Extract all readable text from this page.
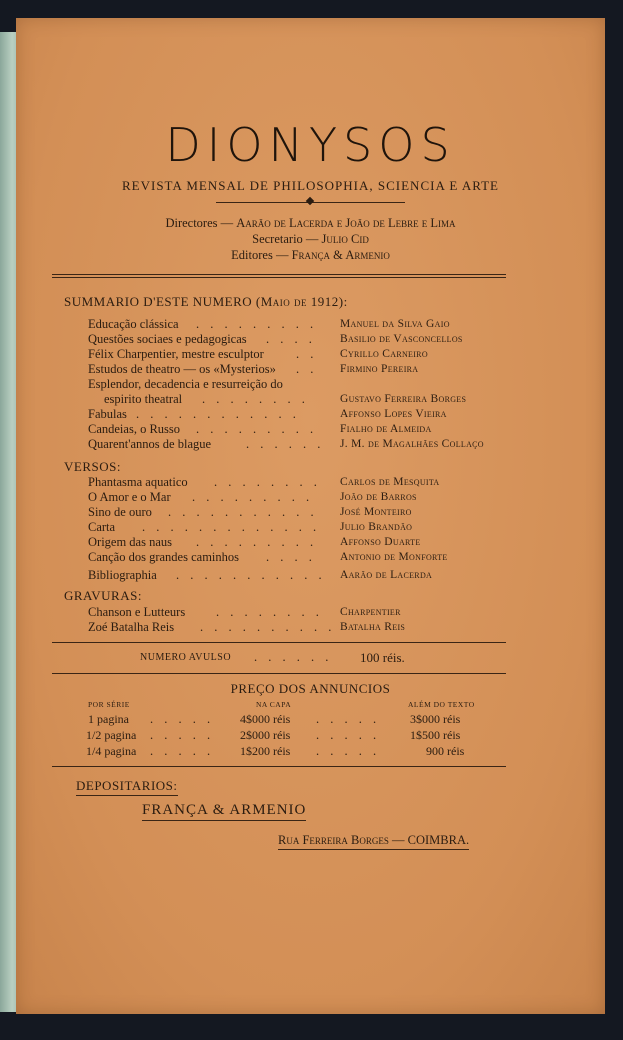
DIONYSOS
REVISTA MENSAL DE PHILOSOPHIA, SCIENCIA E ARTE
Directores — Aarão de Lacerda e João de Lebre e Lima
Secretario — Julio Cid
Editores — França & Armenio
SUMMARIO D'ESTE NUMERO (Maio de 1912):
Educação clássica . . . . . . . . . Manuel da Silva Gaio
Questões sociaes e pedagogicas . . . . Basilio de Vasconcellos
Félix Charpentier, mestre esculptor	. . Cyrillo Carneiro
Estudos de theatro — os «Mysterios» . . Firmino Pereira
Esplendor, decadencia e resurreição do
espirito theatral . . . . . . . .	Gustavo Ferreira Borges
Fabulas . . . . . . . . . . . .	Affonso Lopes Vieira
Candeias, o Russo . . . . . . . . . Fialho de Almeida
Quarent'annos de blague	. . . . . . J. M. de Magalhães Collaço
VERSOS:
Phantasma aquatico . . . . . . . . Carlos de Mesquita
O Amor e o Mar . . . . . . . . . João de Barros
Sino de ouro . . . . . . . . . . . José Monteiro
Carta . . . . . . . . . . . . . Julio Brandão
Origem das naus . . . . . . . . . Affonso Duarte
Canção dos grandes caminhos . . . . Antonio de Monforte
Bibliographia . . . . . . . . . . . Aarão de Lacerda
GRAVURAS:
Chanson e Lutteurs . . . . . . . . Charpentier
Zoé Batalha Reis . . . . . . . . . . Batalha Reis
NUMERO AVULSO . . . . . . 100 réis.
PREÇO DOS ANNUNCIOS
POR SÉRIE	NA CAPA	ALÉM DO TEXTO
1 pagina . . . . . 4$000 réis . . . . . 3$000 réis
1/2 pagina . . . . . 2$000 réis . . . . . 1$500 réis
1/4 pagina . . . . . 1$200 réis . . . . .	900 réis
DEPOSITARIOS:
FRANÇA & ARMENIO
Rua Ferreira Borges — COIMBRA.
